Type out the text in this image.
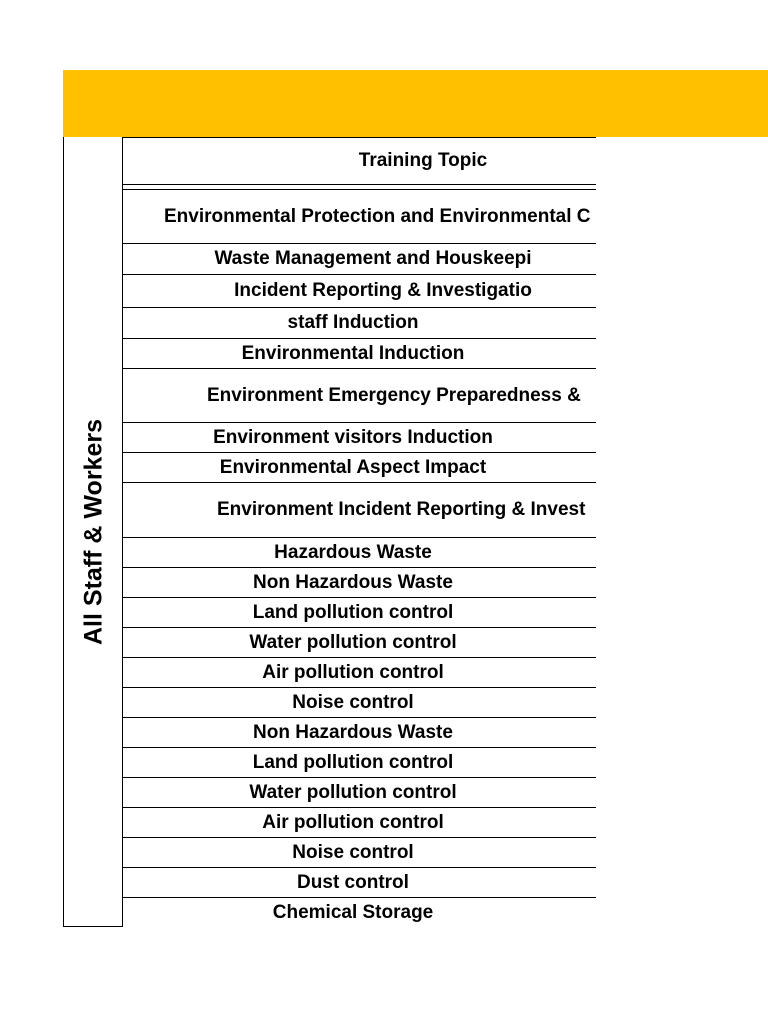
All Staff & Workers
Training Topic
Environmental Protection and Environmental C
Waste Management and Houskeepi
Incident Reporting & Investigatio
staff Induction
Environmental Induction
Environment Emergency Preparedness &
Environment visitors Induction
Environmental Aspect Impact
Environment Incident Reporting & Invest
Hazardous Waste
Non Hazardous Waste
Land pollution control
Water pollution control
Air pollution control
Noise control
Non Hazardous Waste
Land pollution control
Water pollution control
Air pollution control
Noise control
Dust control
Chemical Storage
